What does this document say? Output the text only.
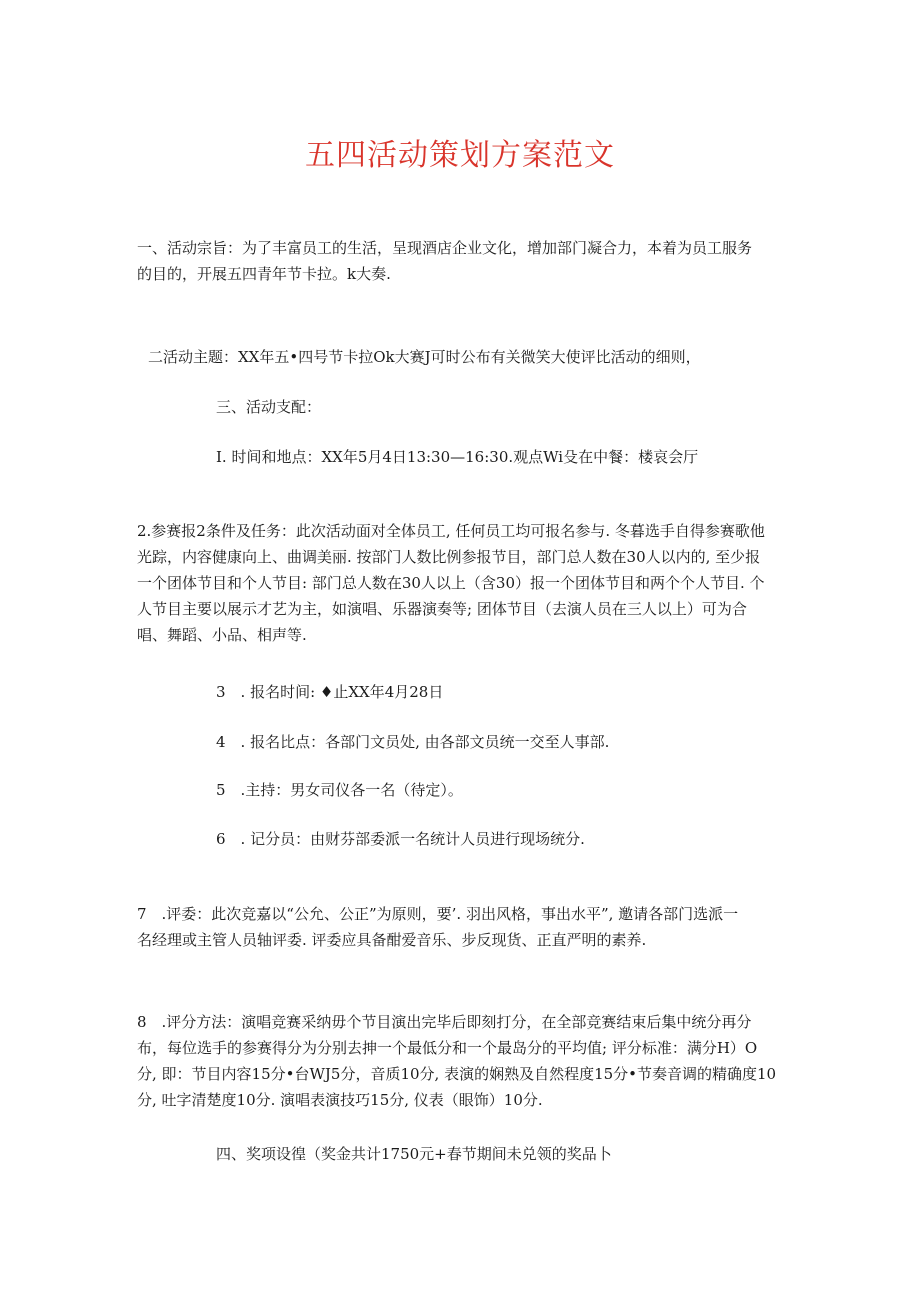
五四活动策划方案范文
一、活动宗旨：为了丰富员工的生活，呈现酒店企业文化，增加部门凝合力，本着为员工服务
的目的，开展五四青年节卡拉。k大奏.
二活动主题：XX年五•四号节卡拉Ok大赛J可时公布有关微笑大使评比活动的细则，
三、活动支配：
I. 时间和地点：XX年5月4日13:30—16:30.观点Wi殳在中餐：楼哀会厅
2.参赛报2条件及任务：此次活动面对全体员工, 任何员工均可报名参与. 冬暮选手自得参赛歌他
光踪，内容健康向上、曲调美丽. 按部门人数比例参报节目，部门总人数在30人以内的, 至少报
一个团体节目和个人节目: 部门总人数在30人以上（含30）报一个团体节目和两个个人节目. 个
人节目主要以展示才艺为主，如演唱、乐器演奏等; 团体节目（去演人员在三人以上）可为合
唱、舞蹈、小品、相声等.
3　. 报名时间: ♦止XX年4月28日
4　. 报名比点：各部门文员处, 由各部文员统一交至人事部.
5　.主持：男女司仪各一名（待定）。
6　. 记分员：由财芬部委派一名统计人员进行现场统分.
7　.评委：此次竞嘉以“公允、公正”为原则，要’. 羽出风格，事出水平”, 邀请各部门选派一
名经理或主管人员轴评委. 评委应具备酣爱音乐、步反现货、正直严明的素养.
8　.评分方法：演唱竞赛采纳毋个节目演出完毕后即刻打分，在全部竞赛结束后集中统分再分
布，每位选手的参赛得分为分别去抻一个最低分和一个最岛分的平均值; 评分标准：满分H）O
分, 即：节目内容15分•台WJ5分，音质10分, 表演的娴熟及自然程度15分•节奏音调的精确度10
分, 吐字清楚度10分. 演唱表演技巧15分, 仪表（眼饰）10分.
四、奖项设徨（奖金共计1750元+春节期间未兑领的奖品卜
